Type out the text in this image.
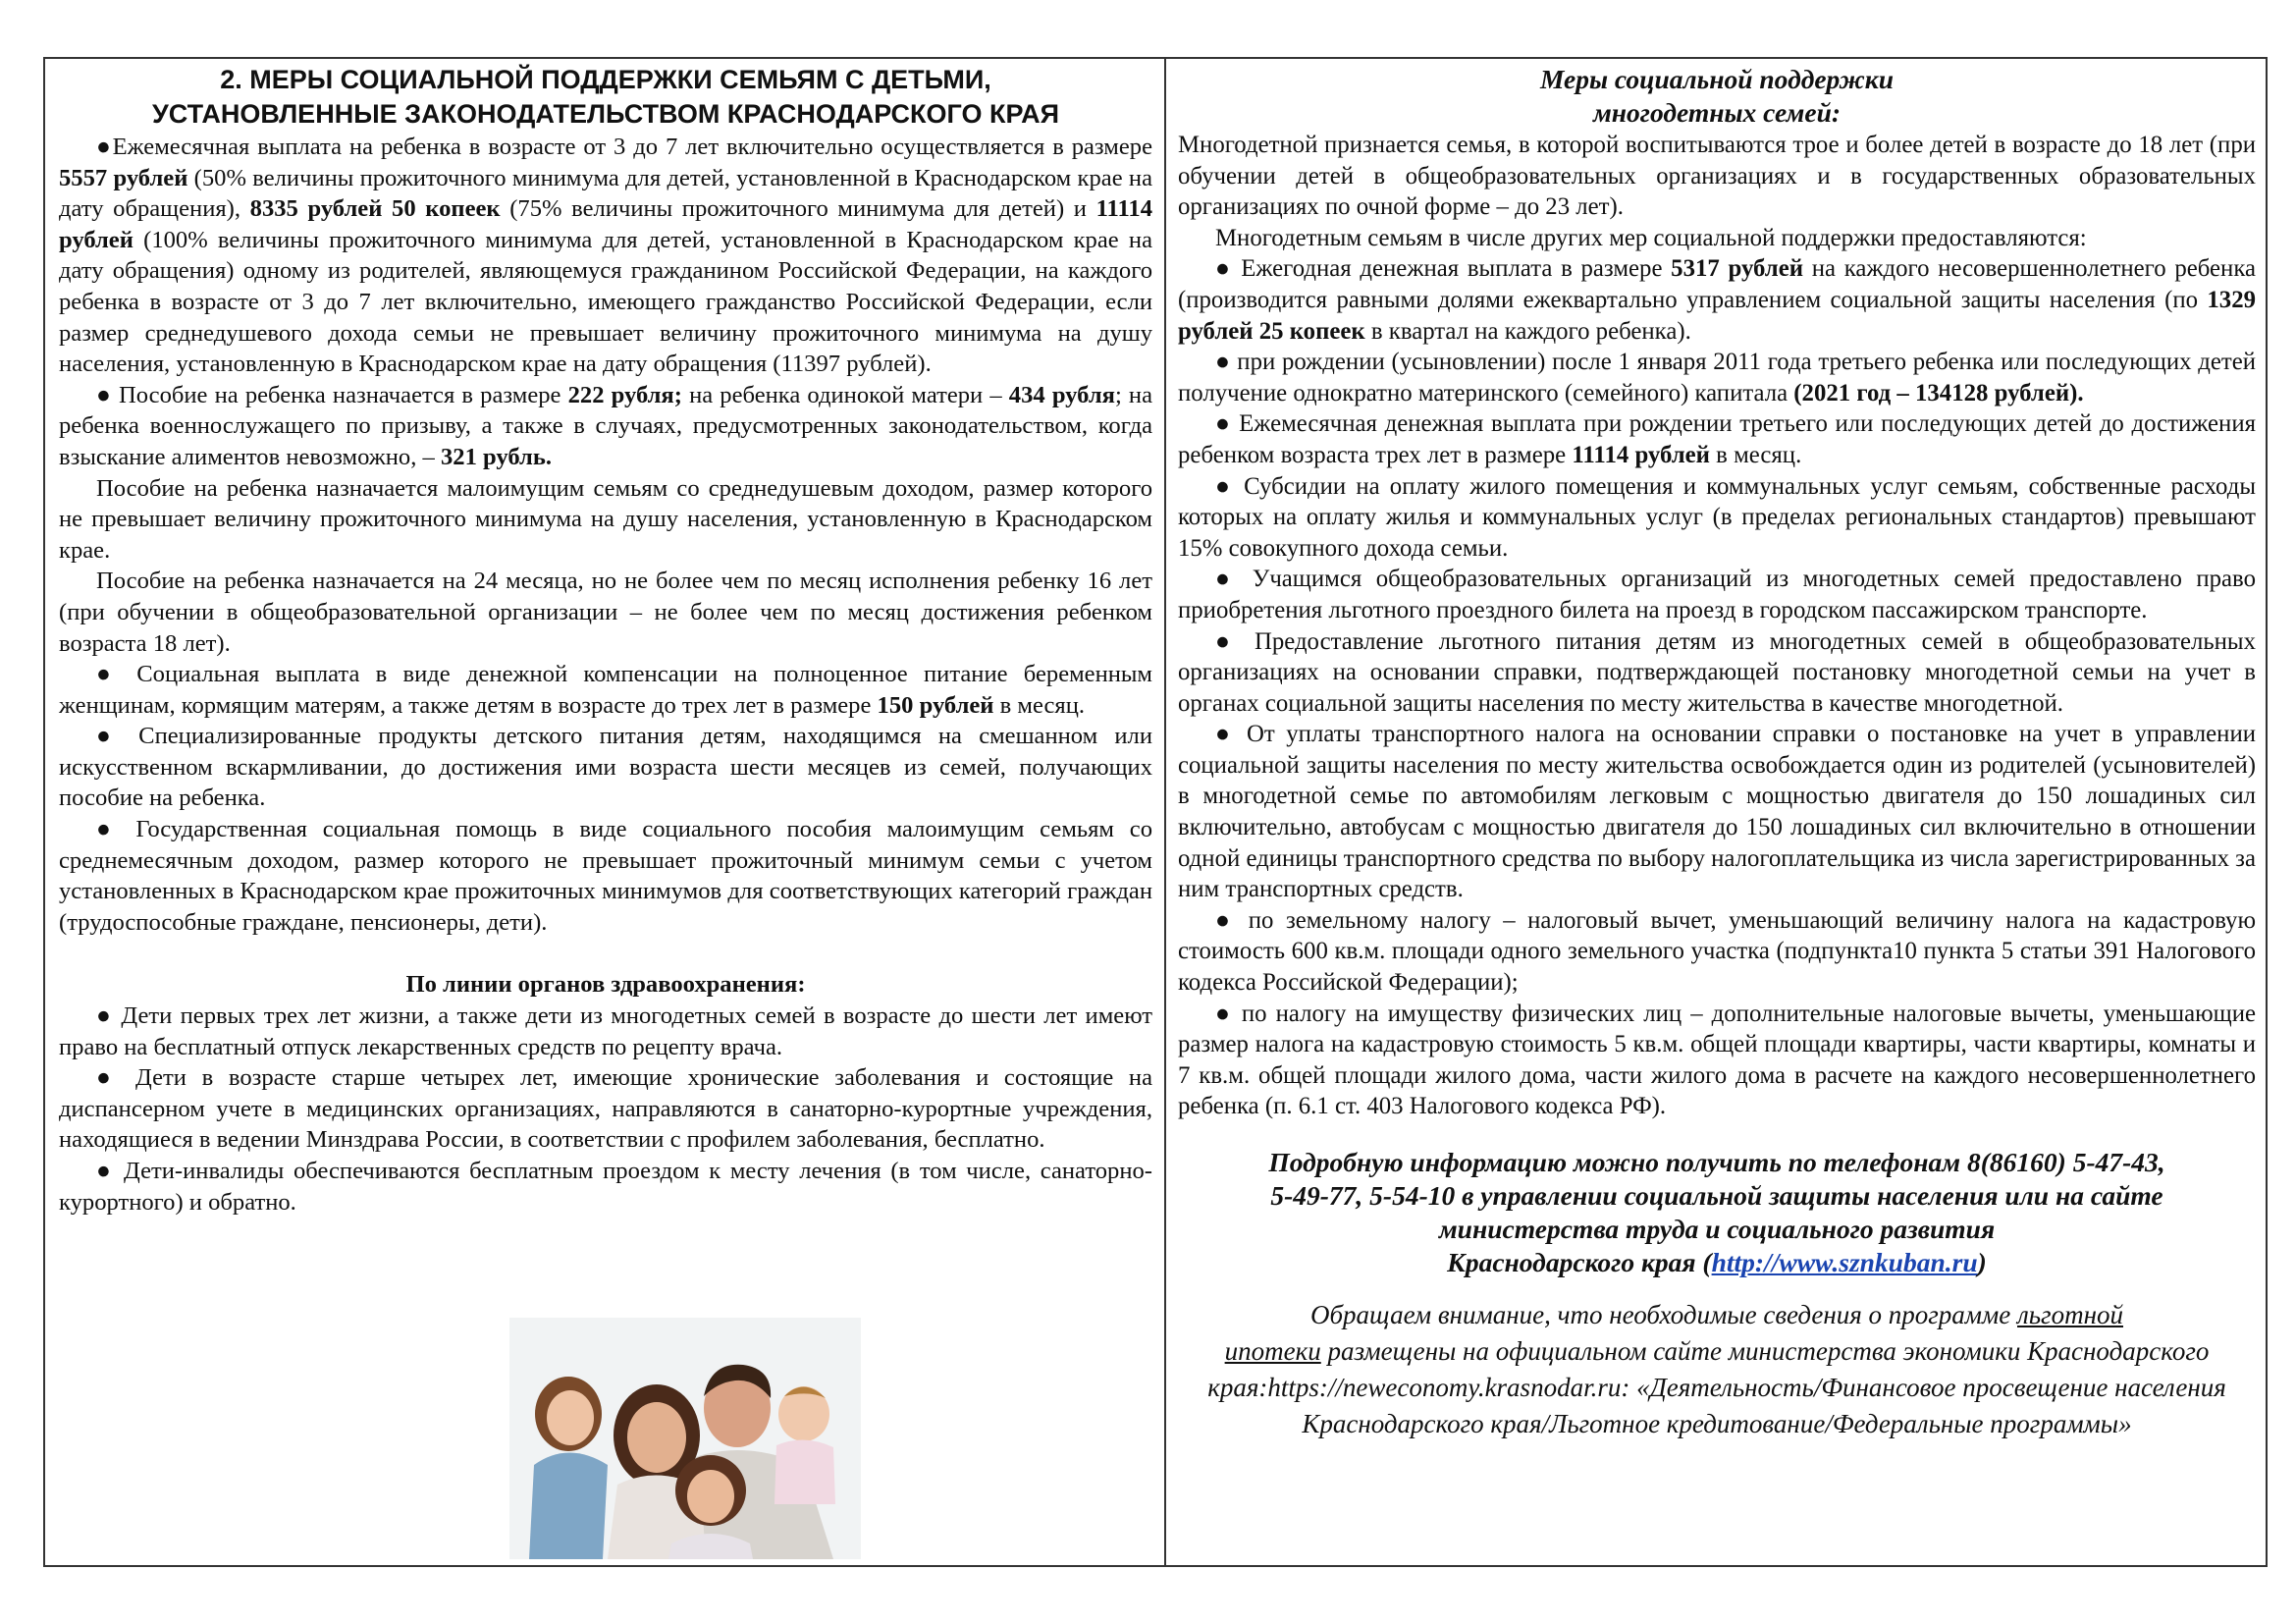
2. МЕРЫ СОЦИАЛЬНОЙ ПОДДЕРЖКИ СЕМЬЯМ С ДЕТЬМИ,
УСТАНОВЛЕННЫЕ ЗАКОНОДАТЕЛЬСТВОМ КРАСНОДАРСКОГО КРАЯ

●Ежемесячная выплата на ребенка в возрасте от 3 до 7 лет включительно осуществляется в размере 5557 рублей (50% величины прожиточного минимума для детей, установленной в Краснодарском крае на дату обращения), 8335 рублей 50 копеек (75% величины прожиточного минимума для детей) и 11114 рублей (100% величины прожиточного минимума для детей, установленной в Краснодарском крае на дату обращения) одному из родителей, являющемуся гражданином Российской Федерации, на каждого ребенка в возрасте от 3 до 7 лет включительно, имеющего гражданство Российской Федерации, если размер среднедушевого дохода семьи не превышает величину прожиточного минимума на душу населения, установленную в Краснодарском крае на дату обращения (11397 рублей).

● Пособие на ребенка назначается в размере 222 рубля; на ребенка одинокой матери – 434 рубля; на ребенка военнослужащего по призыву, а также в случаях, предусмотренных законодательством, когда взыскание алиментов невозможно, – 321 рубль.

Пособие на ребенка назначается малоимущим семьям со среднедушевым доходом, размер которого не превышает величину прожиточного минимума на душу населения, установленную в Краснодарском крае.

Пособие на ребенка назначается на 24 месяца, но не более чем по месяц исполнения ребенку 16 лет (при обучении в общеобразовательной организации – не более чем по месяц достижения ребенком возраста 18 лет).

● Социальная выплата в виде денежной компенсации на полноценное питание беременным женщинам, кормящим матерям, а также детям в возрасте до трех лет в размере 150 рублей в месяц.

● Специализированные продукты детского питания детям, находящимся на смешанном или искусственном вскармливании, до достижения ими возраста шести месяцев из семей, получающих пособие на ребенка.

● Государственная социальная помощь в виде социального пособия малоимущим семьям со среднемесячным доходом, размер которого не превышает прожиточный минимум семьи с учетом установленных в Краснодарском крае прожиточных минимумов для соответствующих категорий граждан (трудоспособные граждане, пенсионеры, дети).

По линии органов здравоохранения:

● Дети первых трех лет жизни, а также дети из многодетных семей в возрасте до шести лет имеют право на бесплатный отпуск лекарственных средств по рецепту врача.

● Дети в возрасте старше четырех лет, имеющие хронические заболевания и состоящие на диспансерном учете в медицинских организациях, направляются в санаторно-курортные учреждения, находящиеся в ведении Минздрава России, в соответствии с профилем заболевания, бесплатно.

● Дети-инвалиды обеспечиваются бесплатным проездом к месту лечения (в том числе, санаторно-курортного) и обратно.

Меры социальной поддержки
многодетных семей:

Многодетной признается семья, в которой воспитываются трое и более детей в возрасте до 18 лет (при обучении детей в общеобразовательных организациях и в государственных образовательных организациях по очной форме – до 23 лет).

Многодетным семьям в числе других мер социальной поддержки предоставляются:

● Ежегодная денежная выплата в размере 5317 рублей на каждого несовершеннолетнего ребенка (производится равными долями ежеквартально управлением социальной защиты населения (по 1329 рублей 25 копеек в квартал на каждого ребенка).

● при рождении (усыновлении) после 1 января 2011 года третьего ребенка или последующих детей получение однократно материнского (семейного) капитала (2021 год – 134128 рублей).

● Ежемесячная денежная выплата при рождении третьего или последующих детей до достижения ребенком возраста трех лет в размере 11114 рублей в месяц.

● Субсидии на оплату жилого помещения и коммунальных услуг семьям, собственные расходы которых на оплату жилья и коммунальных услуг (в пределах региональных стандартов) превышают 15% совокупного дохода семьи.

● Учащимся общеобразовательных организаций из многодетных семей предоставлено право приобретения льготного проездного билета на проезд в городском пассажирском транспорте.

● Предоставление льготного питания детям из многодетных семей в общеобразовательных организациях на основании справки, подтверждающей постановку многодетной семьи на учет в органах социальной защиты населения по месту жительства в качестве многодетной.

● От уплаты транспортного налога на основании справки о постановке на учет в управлении социальной защиты населения по месту жительства освобождается один из родителей (усыновителей) в многодетной семье по автомобилям легковым с мощностью двигателя до 150 лошадиных сил включительно, автобусам с мощностью двигателя до 150 лошадиных сил включительно в отношении одной единицы транспортного средства по выбору налогоплательщика из числа зарегистрированных за ним транспортных средств.

● по земельному налогу – налоговый вычет, уменьшающий величину налога на кадастровую стоимость 600 кв.м. площади одного земельного участка (подпункта10 пункта 5 статьи 391 Налогового кодекса Российской Федерации);

● по налогу на имуществу физических лиц – дополнительные налоговые вычеты, уменьшающие размер налога на кадастровую стоимость 5 кв.м. общей площади квартиры, части квартиры, комнаты и 7 кв.м. общей площади жилого дома, части жилого дома в расчете на каждого несовершеннолетнего ребенка (п. 6.1 ст. 403 Налогового кодекса РФ).

Подробную информацию можно получить по телефонам 8(86160) 5-47-43,
5-49-77, 5-54-10 в управлении социальной защиты населения или на сайте
министерства труда и социального развития
Краснодарского края (http://www.sznkuban.ru)
Обращаем внимание, что необходимые сведения о программе льготной
ипотеки размещены на официальном сайте министерства экономики Краснодарского края:https://neweconomy.krasnodar.ru: «Деятельность/Финансовое просвещение населения Краснодарского края/Льготное кредитование/Федеральные программы»
